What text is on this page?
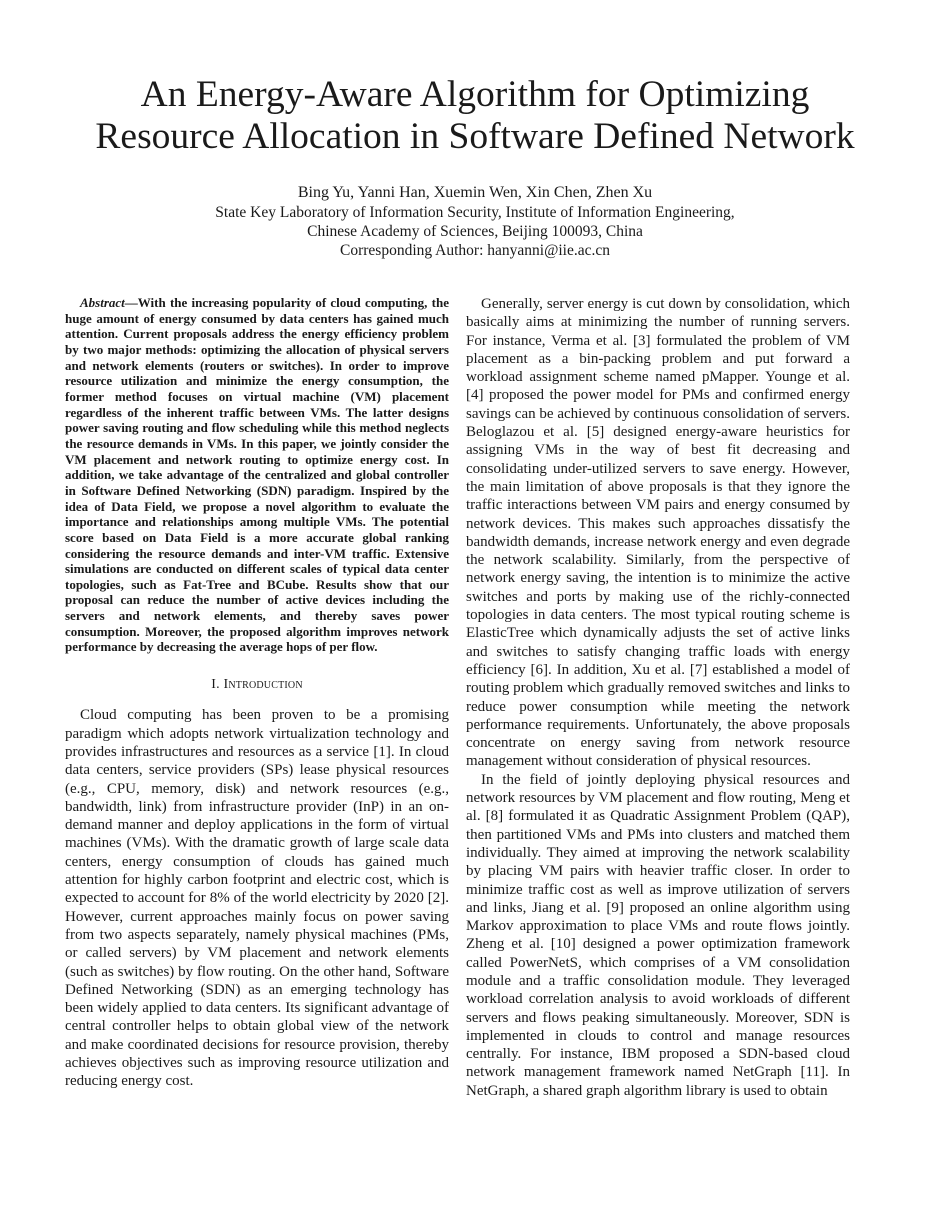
An Energy-Aware Algorithm for Optimizing
Resource Allocation in Software Defined Network
Bing Yu, Yanni Han, Xuemin Wen, Xin Chen, Zhen Xu
State Key Laboratory of Information Security, Institute of Information Engineering,
Chinese Academy of Sciences, Beijing 100093, China
Corresponding Author: hanyanni@iie.ac.cn

Abstract—With the increasing popularity of cloud computing, the huge amount of energy consumed by data centers has gained much attention. Current proposals address the energy efficiency problem by two major methods: optimizing the allocation of physical servers and network elements (routers or switches). In order to improve resource utilization and minimize the energy consumption, the former method focuses on virtual machine (VM) placement regardless of the inherent traffic between VMs. The latter designs power saving routing and flow scheduling while this method neglects the resource demands in VMs. In this paper, we jointly consider the VM placement and network routing to optimize energy cost. In addition, we take advantage of the centralized and global controller in Software Defined Networking (SDN) paradigm. Inspired by the idea of Data Field, we propose a novel algorithm to evaluate the importance and relationships among multiple VMs. The potential score based on Data Field is a more accurate global ranking considering the resource demands and inter-VM traffic. Extensive simulations are conducted on different scales of typical data center topologies, such as Fat-Tree and BCube. Results show that our proposal can reduce the number of active devices including the servers and network elements, and thereby saves power consumption. Moreover, the proposed algorithm improves network performance by decreasing the average hops of per flow.

I. Introduction

Cloud computing has been proven to be a promising paradigm which adopts network virtualization technology and provides infrastructures and resources as a service [1]. In cloud data centers, service providers (SPs) lease physical resources (e.g., CPU, memory, disk) and network resources (e.g., bandwidth, link) from infrastructure provider (InP) in an on-demand manner and deploy applications in the form of virtual machines (VMs). With the dramatic growth of large scale data centers, energy consumption of clouds has gained much attention for highly carbon footprint and electric cost, which is expected to account for 8% of the world electricity by 2020 [2]. However, current approaches mainly focus on power saving from two aspects separately, namely physical machines (PMs, or called servers) by VM placement and network elements (such as switches) by flow routing. On the other hand, Software Defined Networking (SDN) as an emerging technology has been widely applied to data centers. Its significant advantage of central controller helps to obtain global view of the network and make coordinated decisions for resource provision, thereby achieves objectives such as improving resource utilization and reducing energy cost.

Generally, server energy is cut down by consolidation, which basically aims at minimizing the number of running servers. For instance, Verma et al. [3] formulated the problem of VM placement as a bin-packing problem and put forward a workload assignment scheme named pMapper. Younge et al. [4] proposed the power model for PMs and confirmed energy savings can be achieved by continuous consolidation of servers. Beloglazou et al. [5] designed energy-aware heuristics for assigning VMs in the way of best fit decreasing and consolidating under-utilized servers to save energy. However, the main limitation of above proposals is that they ignore the traffic interactions between VM pairs and energy consumed by network devices. This makes such approaches dissatisfy the bandwidth demands, increase network energy and even degrade the network scalability. Similarly, from the perspective of network energy saving, the intention is to minimize the active switches and ports by making use of the richly-connected topologies in data centers. The most typical routing scheme is ElasticTree which dynamically adjusts the set of active links and switches to satisfy changing traffic loads with energy efficiency [6]. In addition, Xu et al. [7] established a model of routing problem which gradually removed switches and links to reduce power consumption while meeting the network performance requirements. Unfortunately, the above proposals concentrate on energy saving from network resource management without consideration of physical resources.

In the field of jointly deploying physical resources and network resources by VM placement and flow routing, Meng et al. [8] formulated it as Quadratic Assignment Problem (QAP), then partitioned VMs and PMs into clusters and matched them individually. They aimed at improving the network scalability by placing VM pairs with heavier traffic closer. In order to minimize traffic cost as well as improve utilization of servers and links, Jiang et al. [9] proposed an online algorithm using Markov approximation to place VMs and route flows jointly. Zheng et al. [10] designed a power optimization framework called PowerNetS, which comprises of a VM consolidation module and a traffic consolidation module. They leveraged workload correlation analysis to avoid workloads of different servers and flows peaking simultaneously. Moreover, SDN is implemented in clouds to control and manage resources centrally. For instance, IBM proposed a SDN-based cloud network management framework named NetGraph [11]. In NetGraph, a shared graph algorithm library is used to obtain
